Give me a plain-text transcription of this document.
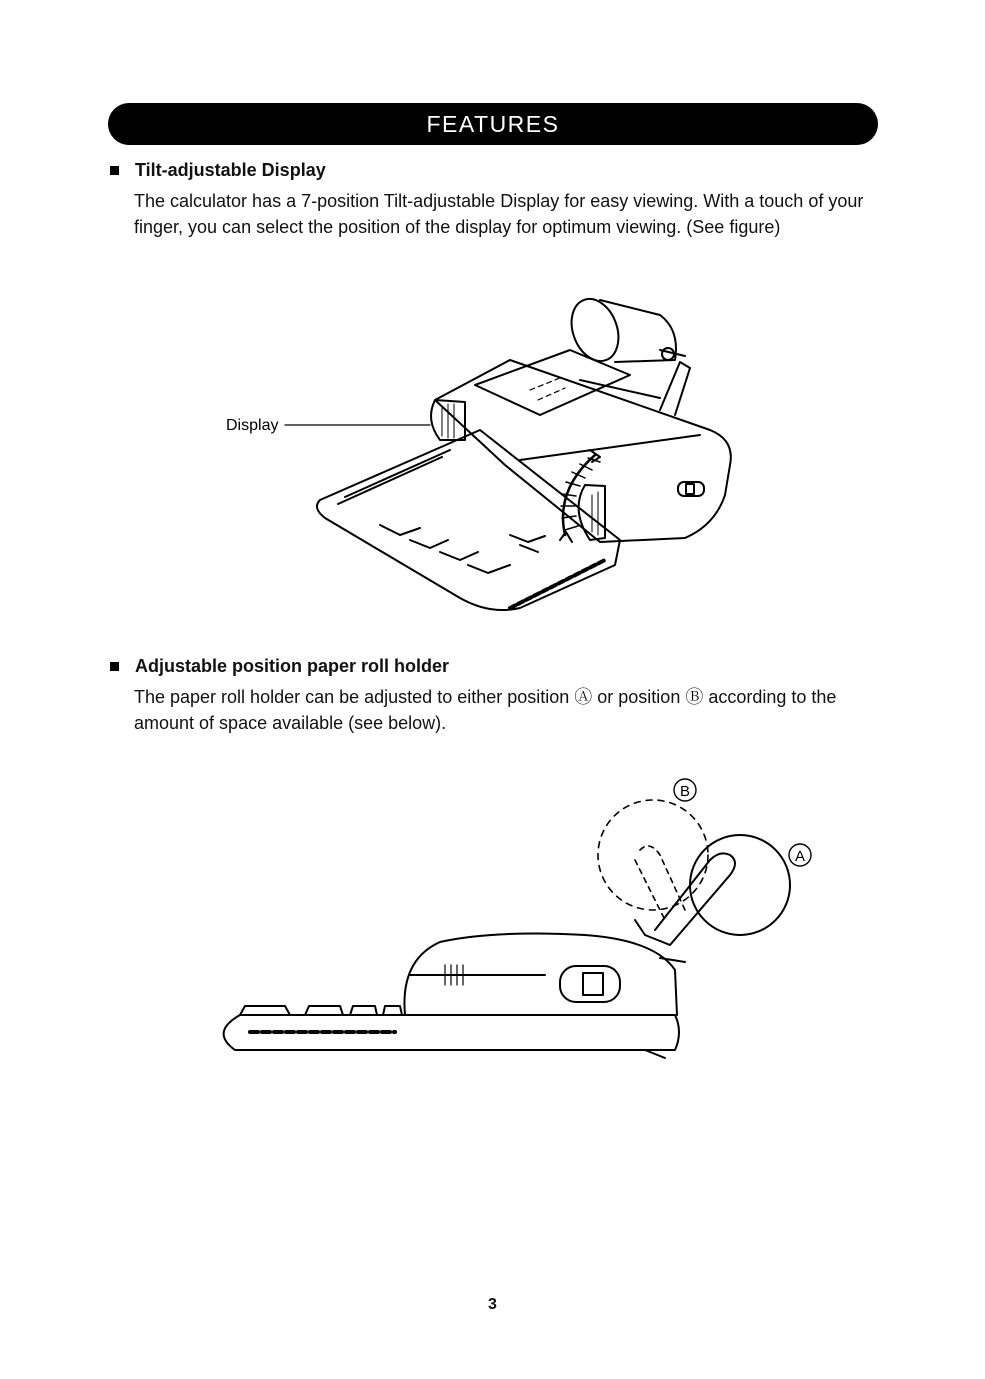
FEATURES
Tilt-adjustable Display
The calculator has a 7-position Tilt-adjustable Display for easy viewing. With a touch of your finger, you can select the position of the display for optimum viewing. (See figure)
Display
Adjustable position paper roll holder
The paper roll holder can be adjusted to either position Ⓐ or position Ⓑ according to the amount of space available (see below).
B
A
3
